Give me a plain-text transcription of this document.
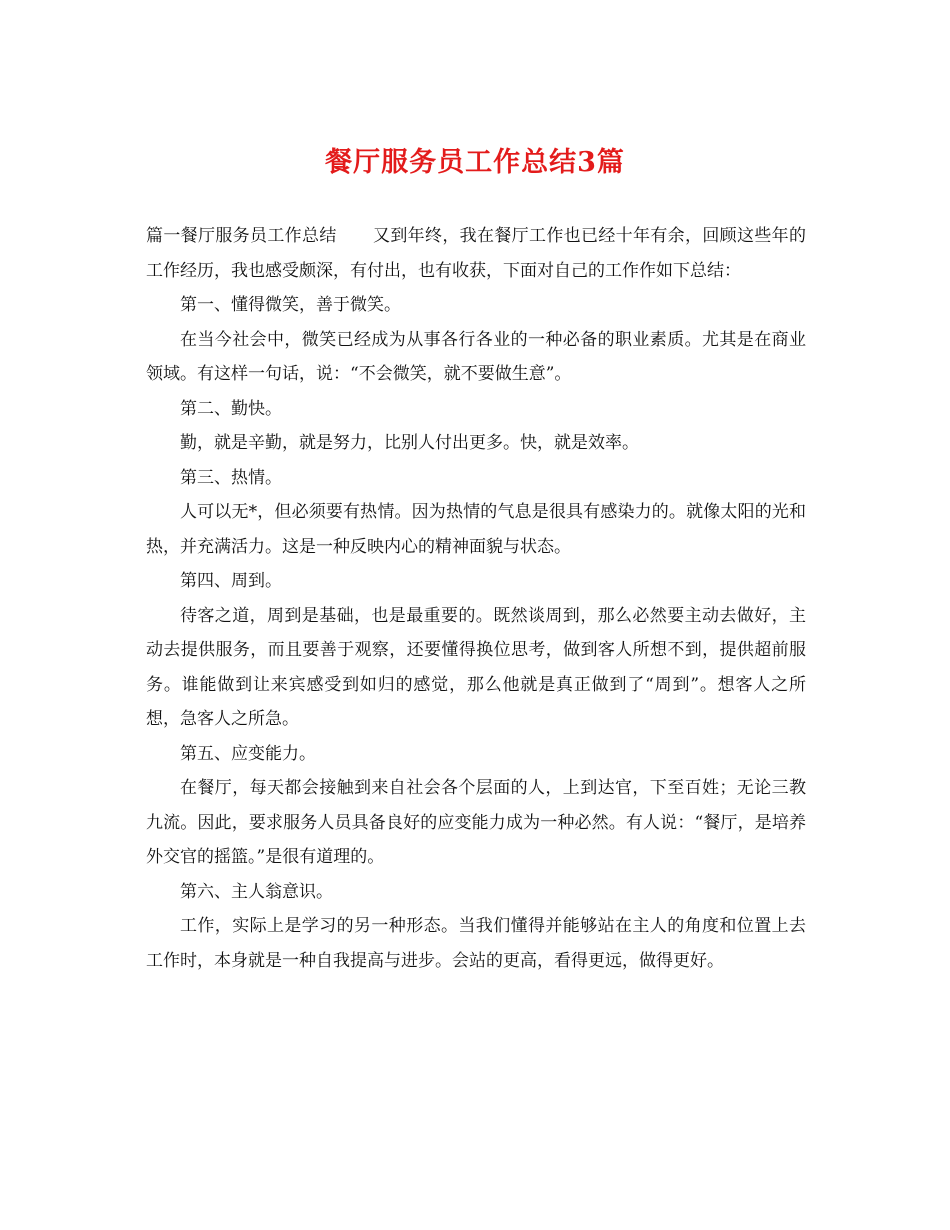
餐厅服务员工作总结3篇

篇一餐厅服务员工作总结 又到年终，我在餐厅工作也已经十年有余，回顾这些年的工作经历，我也感受颇深，有付出，也有收获，下面对自己的工作作如下总结：

第一、懂得微笑，善于微笑。

在当今社会中，微笑已经成为从事各行各业的一种必备的职业素质。尤其是在商业领域。有这样一句话，说：“不会微笑，就不要做生意”。

第二、勤快。

勤，就是辛勤，就是努力，比别人付出更多。快，就是效率。

第三、热情。

人可以无*，但必须要有热情。因为热情的气息是很具有感染力的。就像太阳的光和热，并充满活力。这是一种反映内心的精神面貌与状态。

第四、周到。

待客之道，周到是基础，也是最重要的。既然谈周到，那么必然要主动去做好，主动去提供服务，而且要善于观察，还要懂得换位思考，做到客人所想不到，提供超前服务。谁能做到让来宾感受到如归的感觉，那么他就是真正做到了“周到”。想客人之所想，急客人之所急。

第五、应变能力。

在餐厅，每天都会接触到来自社会各个层面的人，上到达官，下至百姓；无论三教九流。因此，要求服务人员具备良好的应变能力成为一种必然。有人说：“餐厅，是培养外交官的摇篮。”是很有道理的。

第六、主人翁意识。

工作，实际上是学习的另一种形态。当我们懂得并能够站在主人的角度和位置上去工作时，本身就是一种自我提高与进步。会站的更高，看得更远，做得更好。
